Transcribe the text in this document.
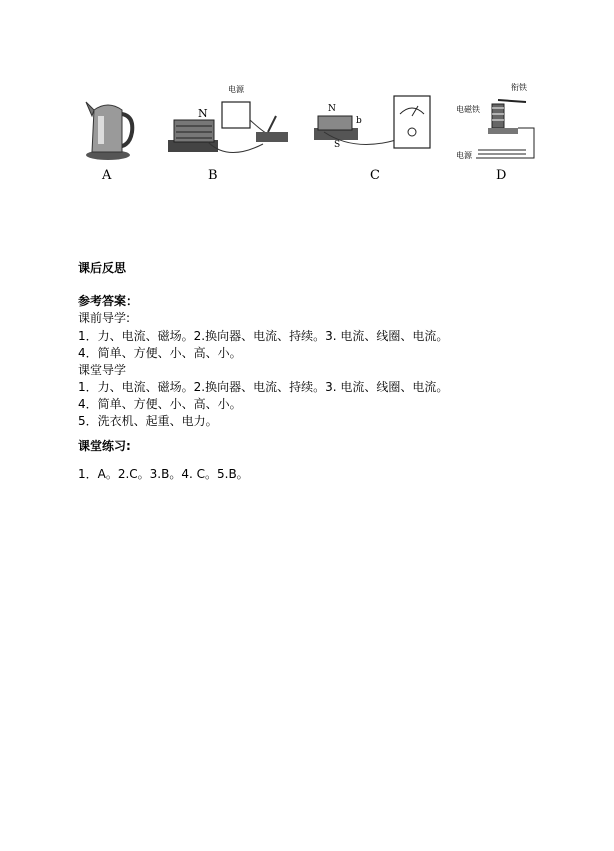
A
N
电源
B
N
S
b
C
衔铁
电磁铁
电源
D
课后反思
参考答案：
课前导学:
1．力、电流、磁场。2.换向器、电流、持续。3. 电流、线圈、电流。
4．简单、方便、小、高、小。
课堂导学
1．力、电流、磁场。2.换向器、电流、持续。3. 电流、线圈、电流。
4．简单、方便、小、高、小。
5．洗衣机、起重、电力。
课堂练习:
1．A。2.C。3.B。4. C。5.B。
